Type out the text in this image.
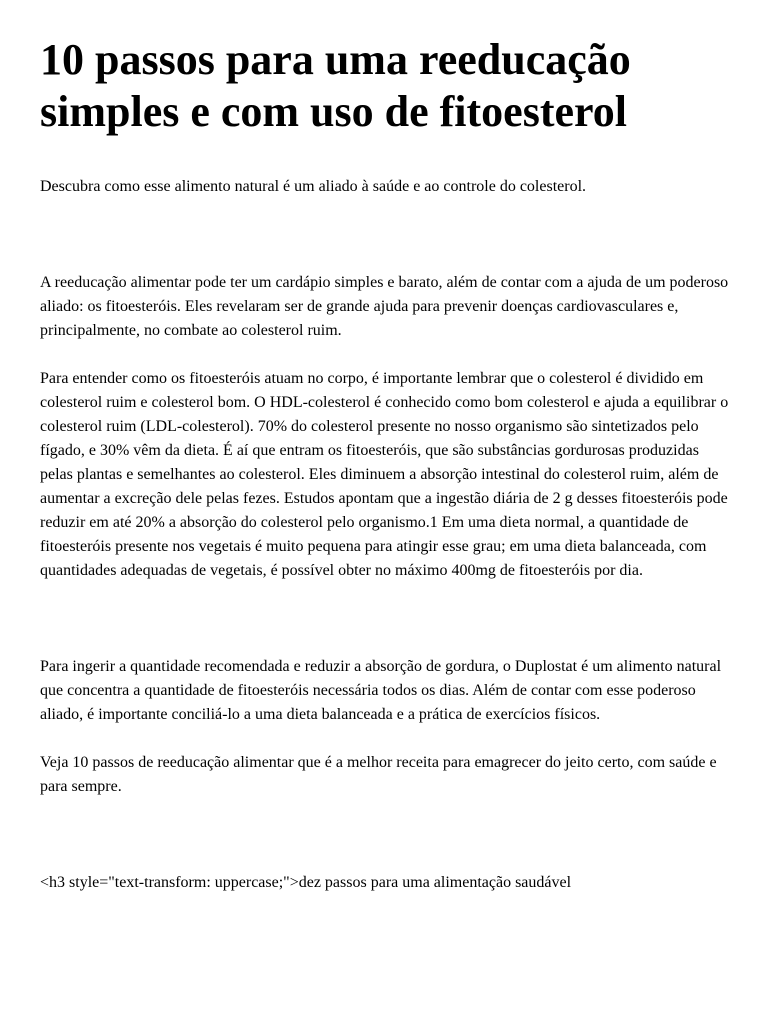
10 passos para uma reeducação simples e com uso de fitoesterol

Descubra como esse alimento natural é um aliado à saúde e ao controle do colesterol.

A reeducação alimentar pode ter um cardápio simples e barato, além de contar com a ajuda de um poderoso aliado: os fitoesteróis. Eles revelaram ser de grande ajuda para prevenir doenças cardiovasculares e, principalmente, no combate ao colesterol ruim.

Para entender como os fitoesteróis atuam no corpo, é importante lembrar que o colesterol é dividido em colesterol ruim e colesterol bom. O HDL-colesterol é conhecido como bom colesterol e ajuda a equilibrar o colesterol ruim (LDL-colesterol). 70% do colesterol presente no nosso organismo são sintetizados pelo fígado, e 30% vêm da dieta. É aí que entram os fitoesteróis, que são substâncias gordurosas produzidas pelas plantas e semelhantes ao colesterol. Eles diminuem a absorção intestinal do colesterol ruim, além de aumentar a excreção dele pelas fezes. Estudos apontam que a ingestão diária de 2 g desses fitoesteróis pode reduzir em até 20% a absorção do colesterol pelo organismo.1 Em uma dieta normal, a quantidade de fitoesteróis presente nos vegetais é muito pequena para atingir esse grau; em uma dieta balanceada, com quantidades adequadas de vegetais, é possível obter no máximo 400mg de fitoesteróis por dia.

Para ingerir a quantidade recomendada e reduzir a absorção de gordura, o Duplostat é um alimento natural que concentra a quantidade de fitoesteróis necessária todos os dias. Além de contar com esse poderoso aliado, é importante conciliá-lo a uma dieta balanceada e a prática de exercícios físicos.

Veja 10 passos de reeducação alimentar que é a melhor receita para emagrecer do jeito certo, com saúde e para sempre.

<h3 style="text-transform: uppercase;">dez passos para uma alimentação saudável
